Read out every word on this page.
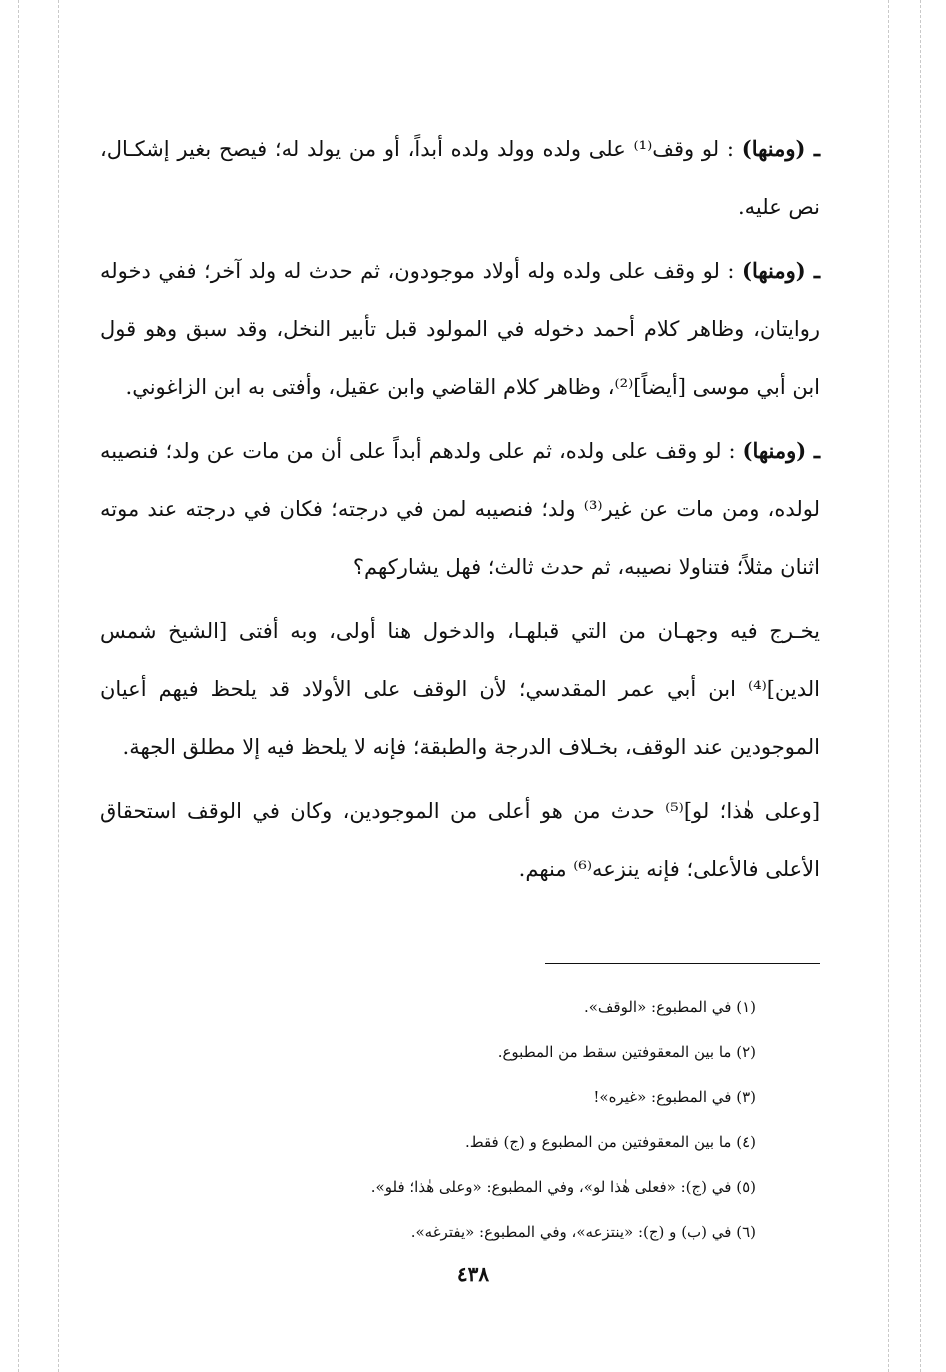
ـ (ومنها) : لو وقف⁽¹⁾ على ولده وولد ولده أبداً، أو من يولد له؛ فيصح بغير إشكـال، نص عليه.

ـ (ومنها) : لو وقف على ولده وله أولاد موجودون، ثم حدث له ولد آخر؛ ففي دخوله روايتان، وظاهر كلام أحمد دخوله في المولود قبل تأبير النخل، وقد سبق وهو قول ابن أبي موسى [أيضاً]⁽²⁾، وظاهر كلام القاضي وابن عقيل، وأفتى به ابن الزاغوني.

ـ (ومنها) : لو وقف على ولده، ثم على ولدهم أبداً على أن من مات عن ولد؛ فنصيبه لولده، ومن مات عن غير⁽³⁾ ولد؛ فنصيبه لمن في درجته؛ فكان في درجته عند موته اثنان مثلاً؛ فتناولا نصيبه، ثم حدث ثالث؛ فهل يشاركهم؟

يخـرج فيه وجهـان من التي قبلهـا، والدخول هنا أولى، وبه أفتى [الشيخ شمس الدين]⁽⁴⁾ ابن أبي عمر المقدسي؛ لأن الوقف على الأولاد قد يلحظ فيهم أعيان الموجودين عند الوقف، بخـلاف الدرجة والطبقة؛ فإنه لا يلحظ فيه إلا مطلق الجهة.

[وعلى هٰذا؛ لو]⁽⁵⁾ حدث من هو أعلى من الموجودين، وكان في الوقف استحقاق الأعلى فالأعلى؛ فإنه ينزعه⁽⁶⁾ منهم.

(١) في المطبوع: «الوقف».

(٢) ما بين المعقوفتين سقط من المطبوع.

(٣) في المطبوع: «غيره»!

(٤) ما بين المعقوفتين من المطبوع و (ج) فقط.

(٥) في (ج): «فعلى هٰذا لو»، وفي المطبوع: «وعلى هٰذا؛ فلو».

(٦) في (ب) و (ج): «ينتزعه»، وفي المطبوع: «يفترغه».

٤٣٨
